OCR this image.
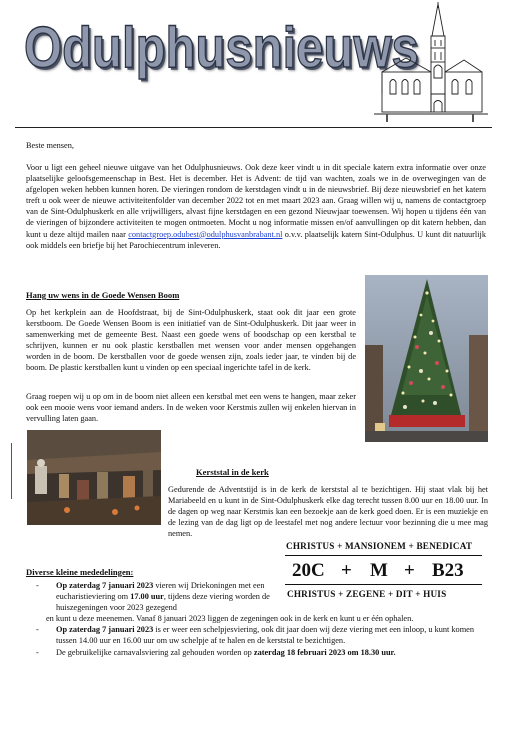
Odulphusnieuws

Beste mensen,

Voor u ligt een geheel nieuwe uitgave van het Odulphusnieuws. Ook deze keer vindt u in dit speciale katern extra informatie over onze plaatselijke geloofsgemeenschap in Best. Het is december. Het is Advent: de tijd van wachten, zoals we in de overwegingen van de afgelopen weken hebben kunnen horen. De vieringen rondom de kerstdagen vindt u in de nieuwsbrief. Bij deze nieuwsbrief en het katern treft u ook weer de nieuwe activiteitenfolder van december 2022 tot en met maart 2023 aan. Graag willen wij u, namens de contactgroep van de Sint-Odulphuskerk en alle vrijwilligers, alvast fijne kerstdagen en een gezond Nieuwjaar toewensen. Wij hopen u tijdens één van de vieringen of bijzondere activiteiten te mogen ontmoeten. Mocht u nog informatie missen en/of aanvullingen op dit katern hebben, dan kunt u deze altijd mailen naar contactgroep.odubest@odulphusvanbrabant.nl o.v.v. plaatselijk katern Sint-Odulphus. U kunt dit natuurlijk ook middels een briefje bij het Parochiecentrum inleveren.

Hang uw wens in de Goede Wensen Boom

Op het kerkplein aan de Hoofdstraat, bij de Sint-Odulphuskerk, staat ook dit jaar een grote kerstboom. De Goede Wensen Boom is een initiatief van de Sint-Odulphuskerk. Dit jaar weer in samenwerking met de gemeente Best. Naast een goede wens of boodschap op een kerstbal te schrijven, kunnen er nu ook plastic kerstballen met wensen voor ander mensen opgehangen worden in de boom. De kerstballen voor de goede wensen zijn, zoals ieder jaar, te vinden bij de boom. De plastic kerstballen kunt u vinden op een speciaal ingerichte tafel in de kerk.

Graag roepen wij u op om in de boom niet alleen een kerstbal met een wens te hangen, maar zeker ook een mooie wens voor iemand anders. In de weken voor Kerstmis zullen wij enkelen hiervan in vervulling laten gaan.

Kerststal in de kerk

Gedurende de Adventstijd is in de kerk de kerststal al te bezichtigen. Hij staat vlak bij het Mariabeeld en u kunt in de Sint-Odulphuskerk elke dag terecht tussen 8.00 uur en 18.00 uur. In de dagen op weg naar Kerstmis kan een bezoekje aan de kerk goed doen. Er is een muziekje en de lezing van de dag ligt op de leestafel met nog andere lectuur voor bezinning die u mee mag nemen.

CHRISTUS + MANSIONEM + BENEDICAT
20C + M + B23
CHRISTUS + ZEGENE + DIT + HUIS

Diverse kleine mededelingen:

- Op zaterdag 7 januari 2023 vieren wij Driekoningen met een eucharistieviering om 17.00 uur, tijdens deze viering worden de huiszegeningen voor 2023 gezegend
en kunt u deze meenemen. Vanaf 8 januari 2023 liggen de zegeningen ook in de kerk en kunt u er één ophalen.
- Op zaterdag 7 januari 2023 is er weer een schelpjesviering, ook dit jaar doen wij deze viering met een inloop, u kunt komen tussen 14.00 uur en 16.00 uur om uw schelpje af te halen en de kerststal te bezichtigen.
- De gebruikelijke carnavalsviering zal gehouden worden op zaterdag 18 februari 2023 om 18.30 uur.
